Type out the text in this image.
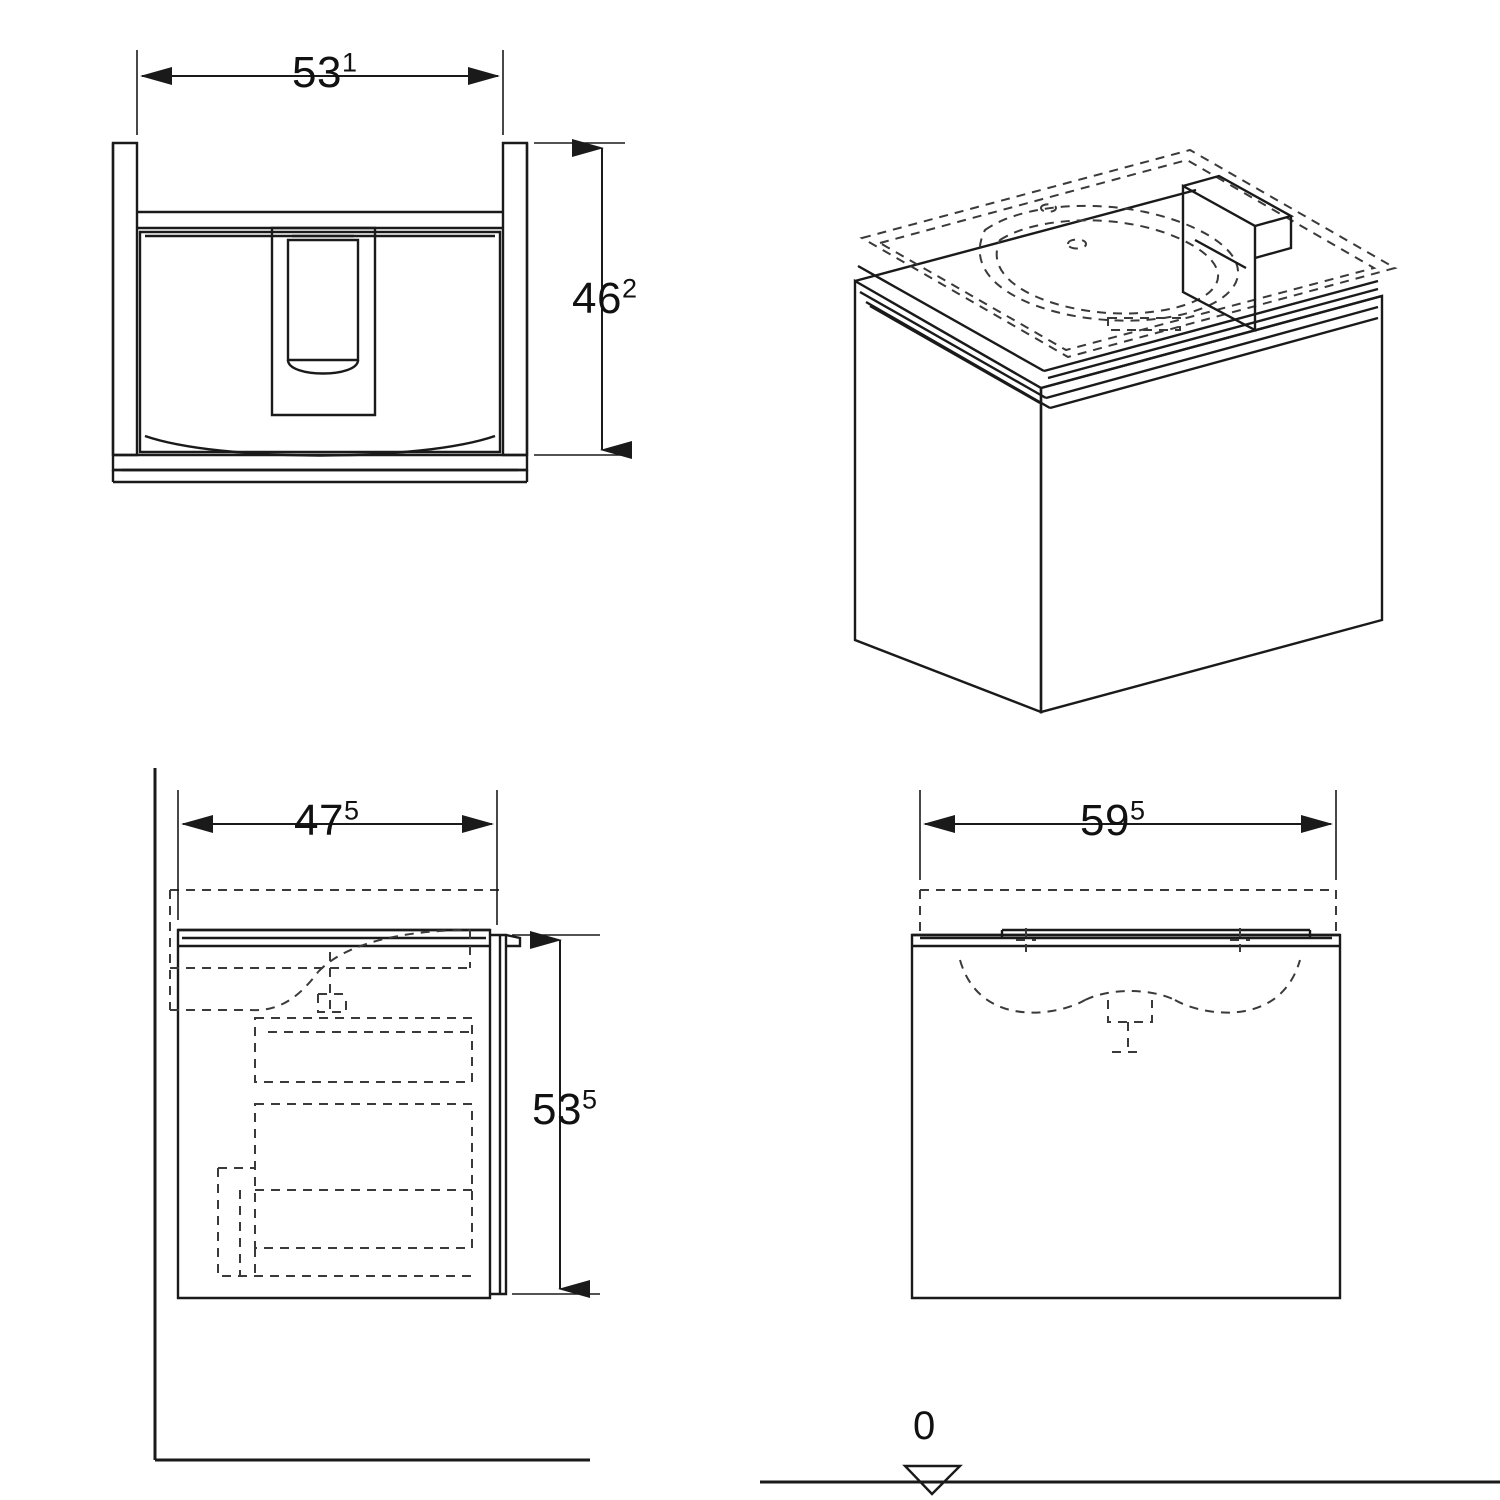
$53^1$
$46^2$
$47^5$
$53^5$
$59^5$
0
